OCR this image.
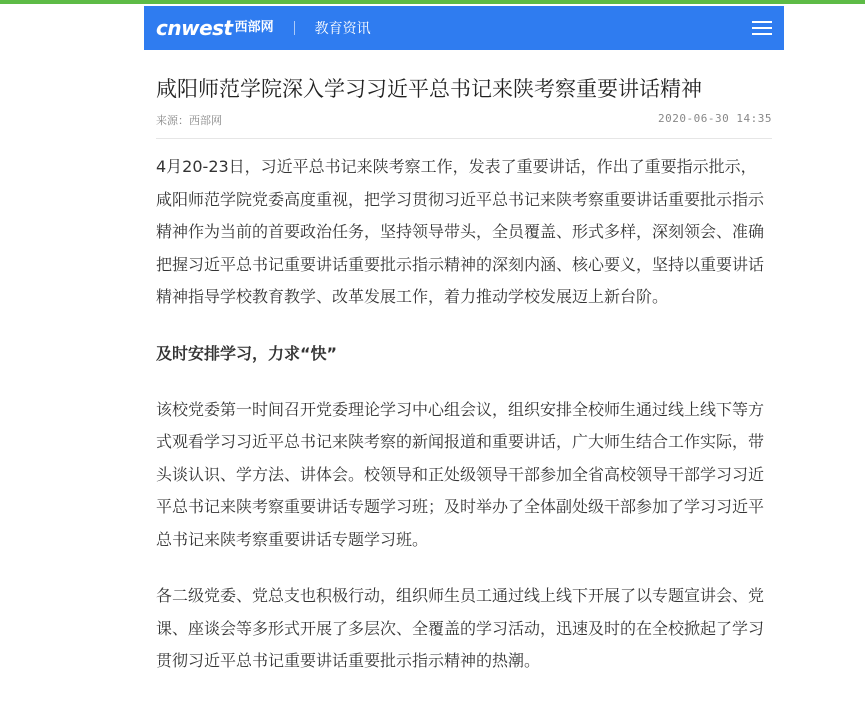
cnwest 西部网	教育资讯
咸阳师范学院深入学习习近平总书记来陕考察重要讲话精神
来源：西部网	2020-06-30 14:35

4月20-23日，习近平总书记来陕考察工作，发表了重要讲话，作出了重要指示批示，咸阳师范学院党委高度重视，把学习贯彻习近平总书记来陕考察重要讲话重要批示指示精神作为当前的首要政治任务，坚持领导带头，全员覆盖、形式多样，深刻领会、准确把握习近平总书记重要讲话重要批示指示精神的深刻内涵、核心要义，坚持以重要讲话精神指导学校教育教学、改革发展工作，着力推动学校发展迈上新台阶。

及时安排学习，力求“快”

该校党委第一时间召开党委理论学习中心组会议，组织安排全校师生通过线上线下等方式观看学习习近平总书记来陕考察的新闻报道和重要讲话，广大师生结合工作实际，带头谈认识、学方法、讲体会。校领导和正处级领导干部参加全省高校领导干部学习习近平总书记来陕考察重要讲话专题学习班；及时举办了全体副处级干部参加了学习习近平总书记来陕考察重要讲话专题学习班。

各二级党委、党总支也积极行动，组织师生员工通过线上线下开展了以专题宣讲会、党课、座谈会等多形式开展了多层次、全覆盖的学习活动，迅速及时的在全校掀起了学习贯彻习近平总书记重要讲话重要批示指示精神的热潮。
